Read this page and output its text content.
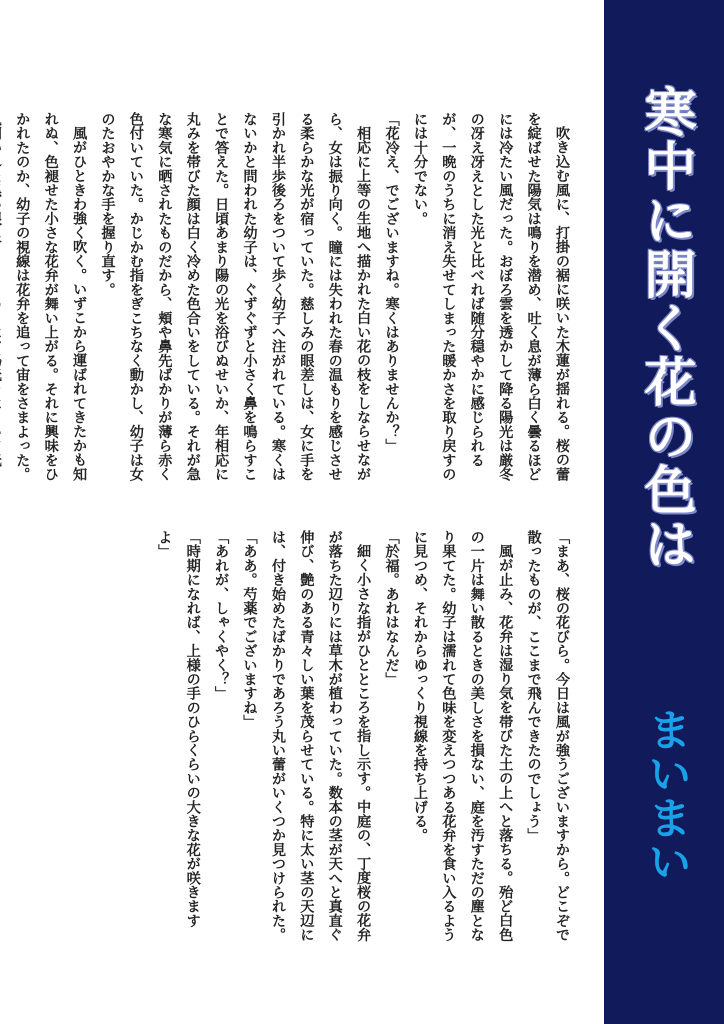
吹き込む風に、打掛の裾に咲いた木蓮が揺れる。桜の蕾を綻ばせた陽気は鳴りを潜め、吐く息が薄ら白く曇るほどには冷たい風だった。おぼろ雲を透かして降る陽光は厳冬の冴え冴えとした光と比べれば随分穏やかに感じられるが、一晩のうちに消え失せてしまった暖かさを取り戻すのには十分でない。

「花冷え、でございますね。寒くはありませんか？」

相応に上等の生地へ描かれた白い花の枝をしならせながら、女は振り向く。瞳には失われた春の温もりを感じさせる柔らかな光が宿っていた。慈しみの眼差しは、女に手を引かれ半歩後ろをついて歩く幼子へ注がれている。寒くはないかと問われた幼子は、ぐずぐずと小さく鼻を鳴らすことで答えた。日頃あまり陽の光を浴びぬせいか、年相応に丸みを帯びた顔は白く冷めた色合いをしている。それが急な寒気に晒されたものだから、頬や鼻先ばかりが薄ら赤く色付いていた。かじかむ指をぎこちなく動かし、幼子は女のたおやかな手を握り直す。

風がひときわ強く吹く。いずこから運ばれてきたかも知れぬ、色褪せた小さな花弁が舞い上がる。それに興味をひかれたのか、幼子の視線は花弁を追って宙をさまよった。

「まあ、桜の花びら。今日は風が強うございますから。どこぞで散ったものが、ここまで飛んできたのでしょう」

風が止み、花弁は湿り気を帯びた土の上へと落ちる。殆ど白色の一片は舞い散るときの美しさを損ない、庭を汚すただの塵となり果てた。幼子は濡れて色味を変えつつある花弁を食い入るように見つめ、それからゆっくり視線を持ち上げる。

「於福。あれはなんだ」

細く小さな指がひとところを指し示す。中庭の、丁度桜の花弁が落ちた辺りには草木が植わっていた。数本の茎が天へと真直ぐ伸び、艶のある青々しい葉を茂らせている。特に太い茎の天辺には、付き始めたばかりであろう丸い蕾がいくつか見つけられた。

「ああ。芍薬でございますね」

「あれが、しゃくやく？」

「時期になれば、上様の手のひらくらいの大きな花が咲きますよ」	寒中に開く花の色は
まいまい
